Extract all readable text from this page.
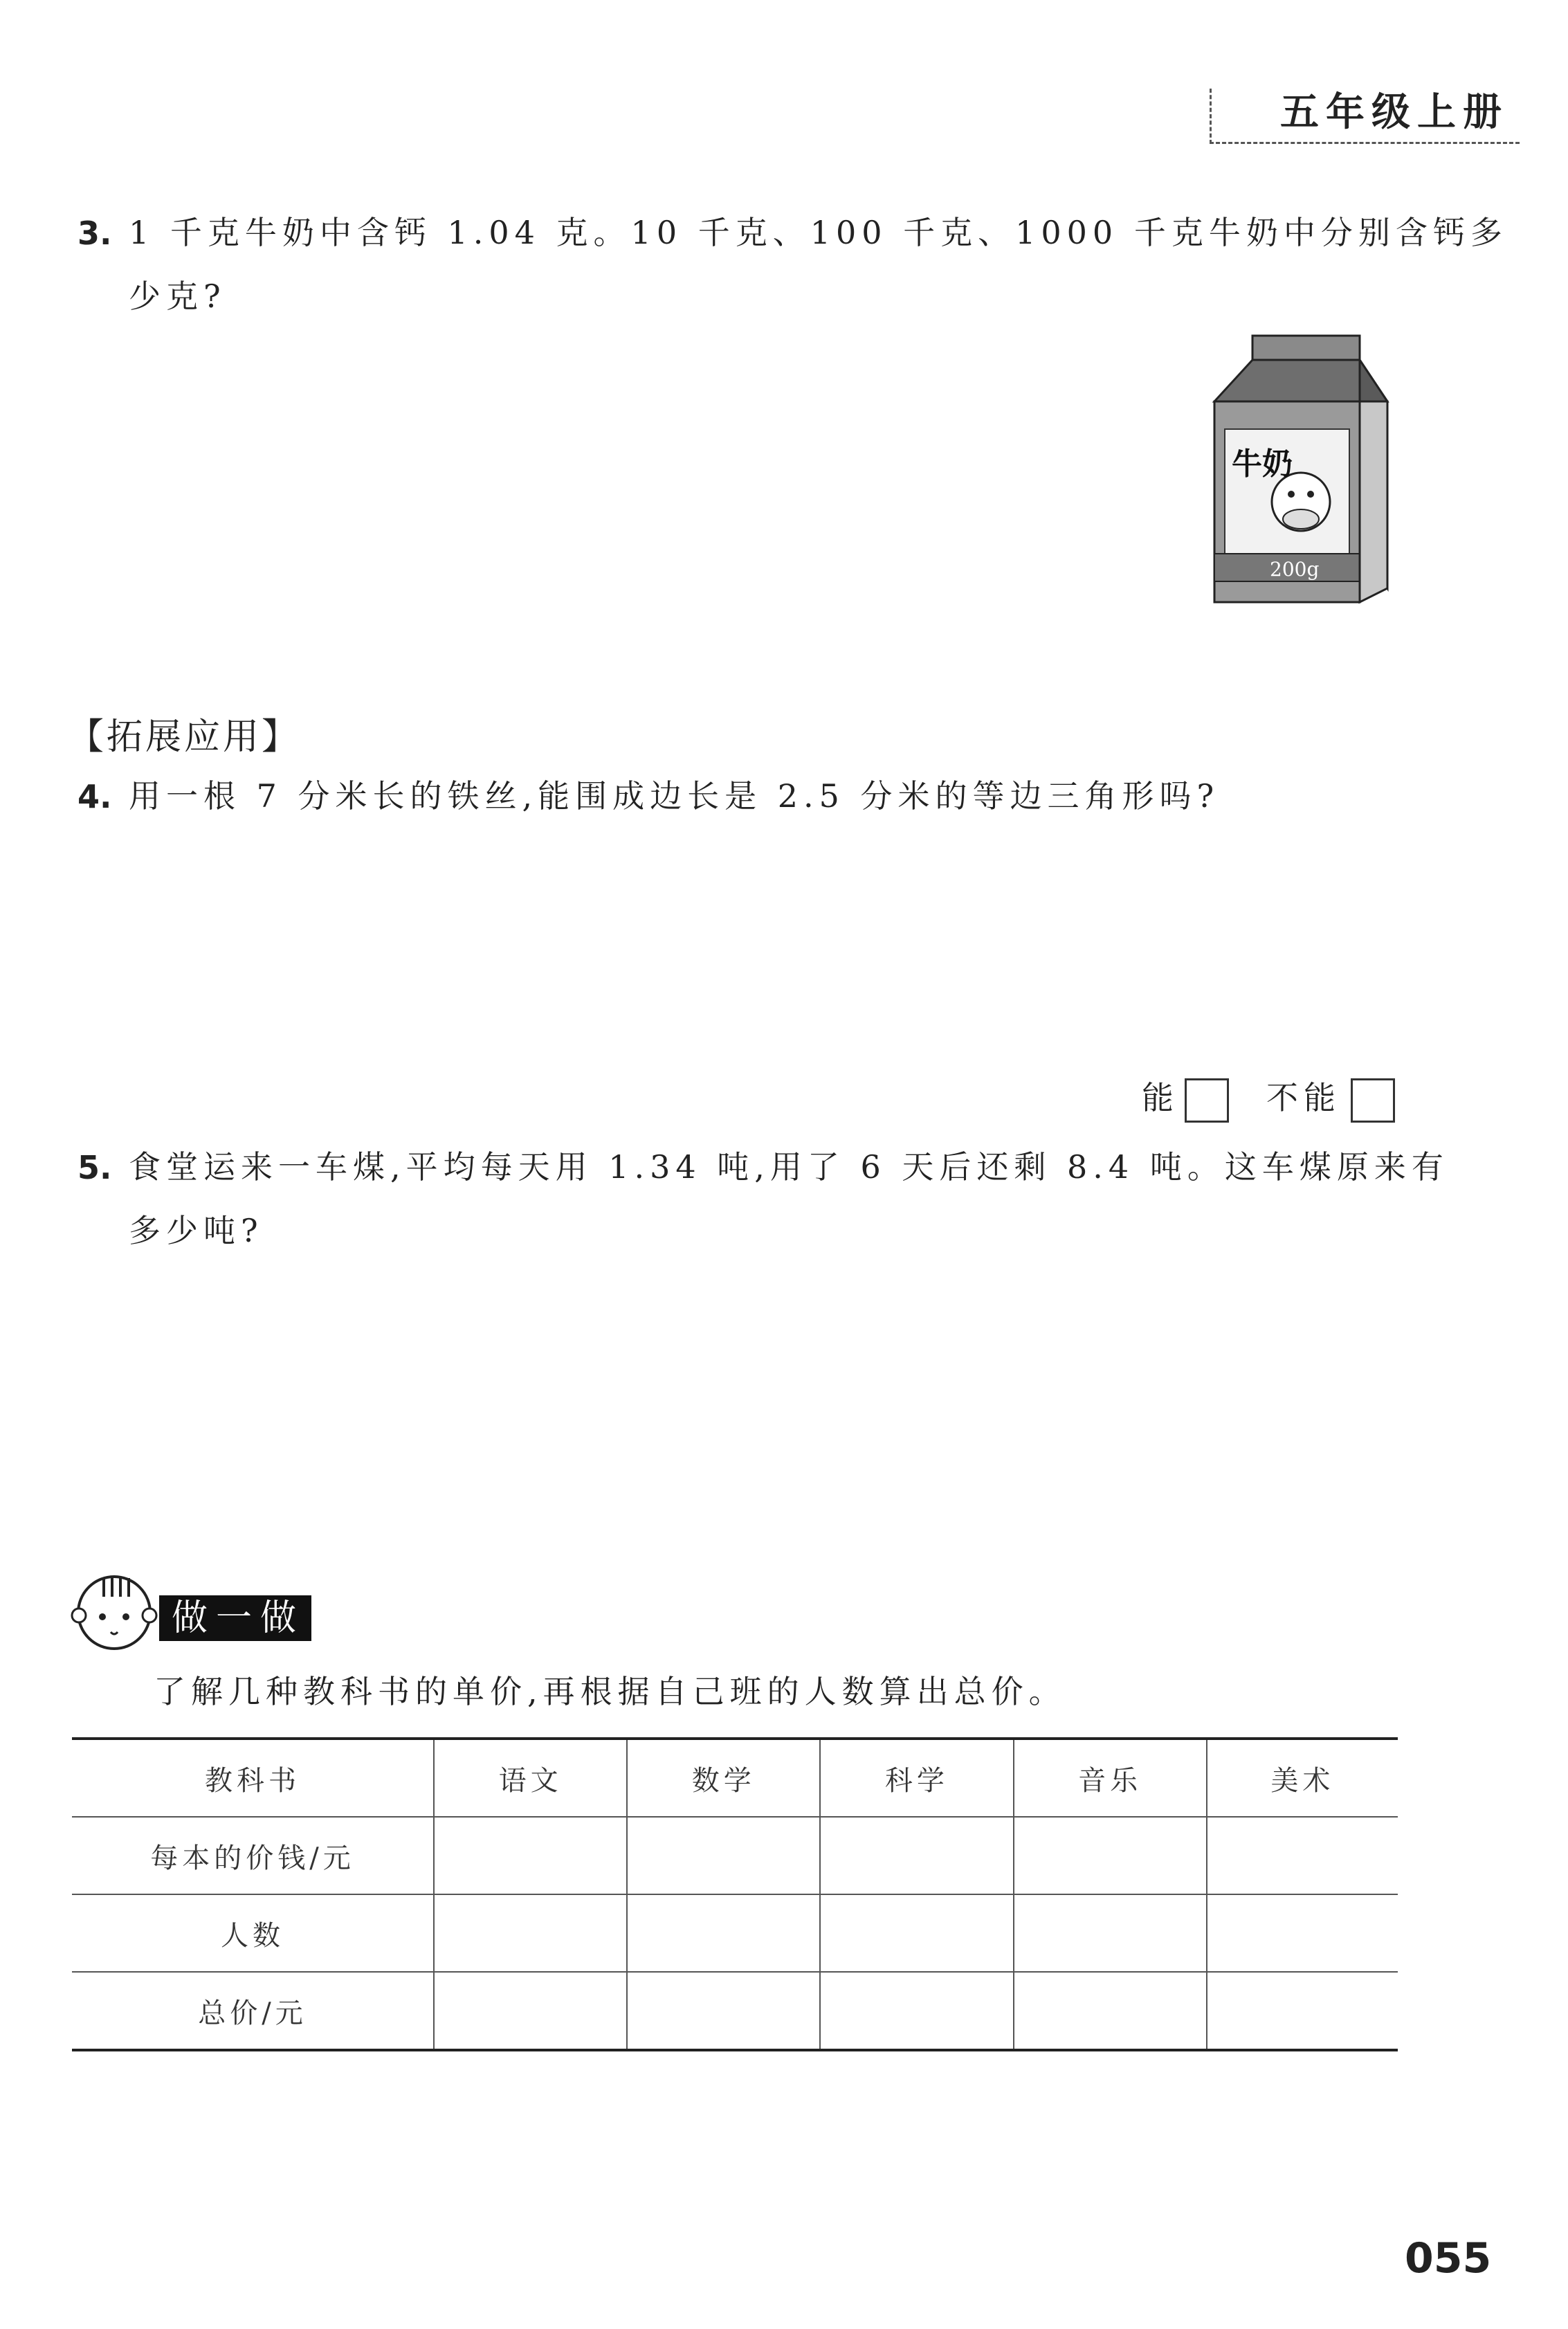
五年级上册
3. 1 千克牛奶中含钙 1.04 克。10 千克、100 千克、1000 千克牛奶中分别含钙多
少克?
牛奶
200g
【拓展应用】
4. 用一根 7 分米长的铁丝,能围成边长是 2.5 分米的等边三角形吗?
能	不能
5. 食堂运来一车煤,平均每天用 1.34 吨,用了 6 天后还剩 8.4 吨。这车煤原来有
多少吨?
做一做
了解几种教科书的单价,再根据自己班的人数算出总价。
教科书	语文	数学	科学	音乐	美术
每本的价钱/元					
人数					
总价/元					
055
